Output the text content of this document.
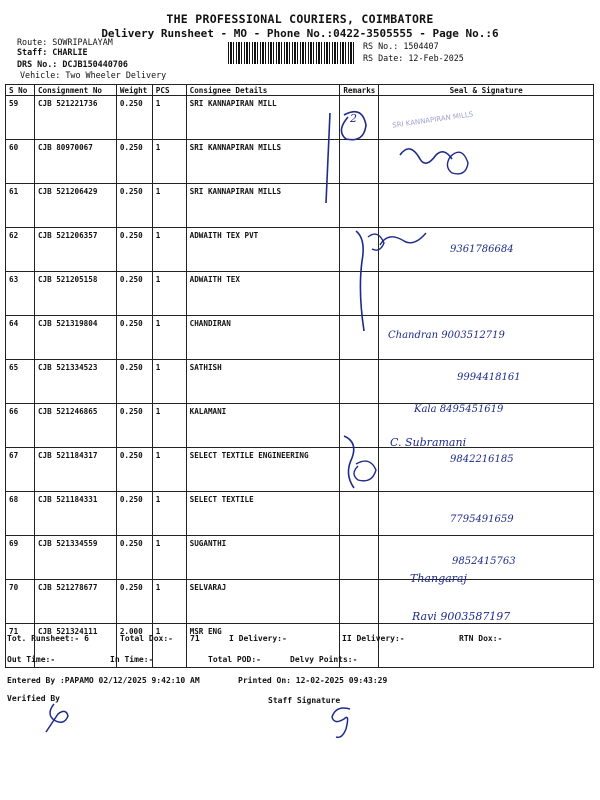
THE PROFESSIONAL COURIERS, COIMBATORE
Delivery Runsheet - MO - Phone No.:0422-3505555 - Page No.:6
Route: SOWRIPALAYAM
Staff: CHARLIE
DRS No.: DCJB150440706
Vehicle: Two Wheeler Delivery
RS No.: 1504407
RS Date: 12-Feb-2025
S No	Consignment No	Weight	PCS	Consignee Details	Remarks	Seal & Signature
59	CJB 521221736	0.250	1	SRI KANNAPIRAN MILL		
60	CJB 80970067	0.250	1	SRI KANNAPIRAN MILLS		
61	CJB 521206429	0.250	1	SRI KANNAPIRAN MILLS		
62	CJB 521206357	0.250	1	ADWAITH TEX PVT		
63	CJB 521205158	0.250	1	ADWAITH TEX		
64	CJB 521319804	0.250	1	CHANDIRAN		
65	CJB 521334523	0.250	1	SATHISH		
66	CJB 521246865	0.250	1	KALAMANI		
67	CJB 521184317	0.250	1	SELECT TEXTILE ENGINEERING		
68	CJB 521184331	0.250	1	SELECT TEXTILE		
69	CJB 521334559	0.250	1	SUGANTHI		
70	CJB 521278677	0.250	1	SELVARAJ		
71	CJB 521324111	2.000	1	MSR ENG		
SRI KANNAPIRAN MILLS
2
9361786684
Chandran 9003512719
9994418161
Kala 8495451619
C. Subramani
9842216185
7795491659
9852415763
Thangaraj
Ravi 9003587197
Tot. Runsheet:- 6	Total Dox:- 71	I Delivery:-	II Delivery:-	RTN Dox:-
Out Time:-	In Time:-	Total POD:-	Delvy Points:-
Entered By :PAPAMO 02/12/2025 9:42:10 AM	Printed On: 12-02-2025 09:43:29
Verified By	Staff Signature
